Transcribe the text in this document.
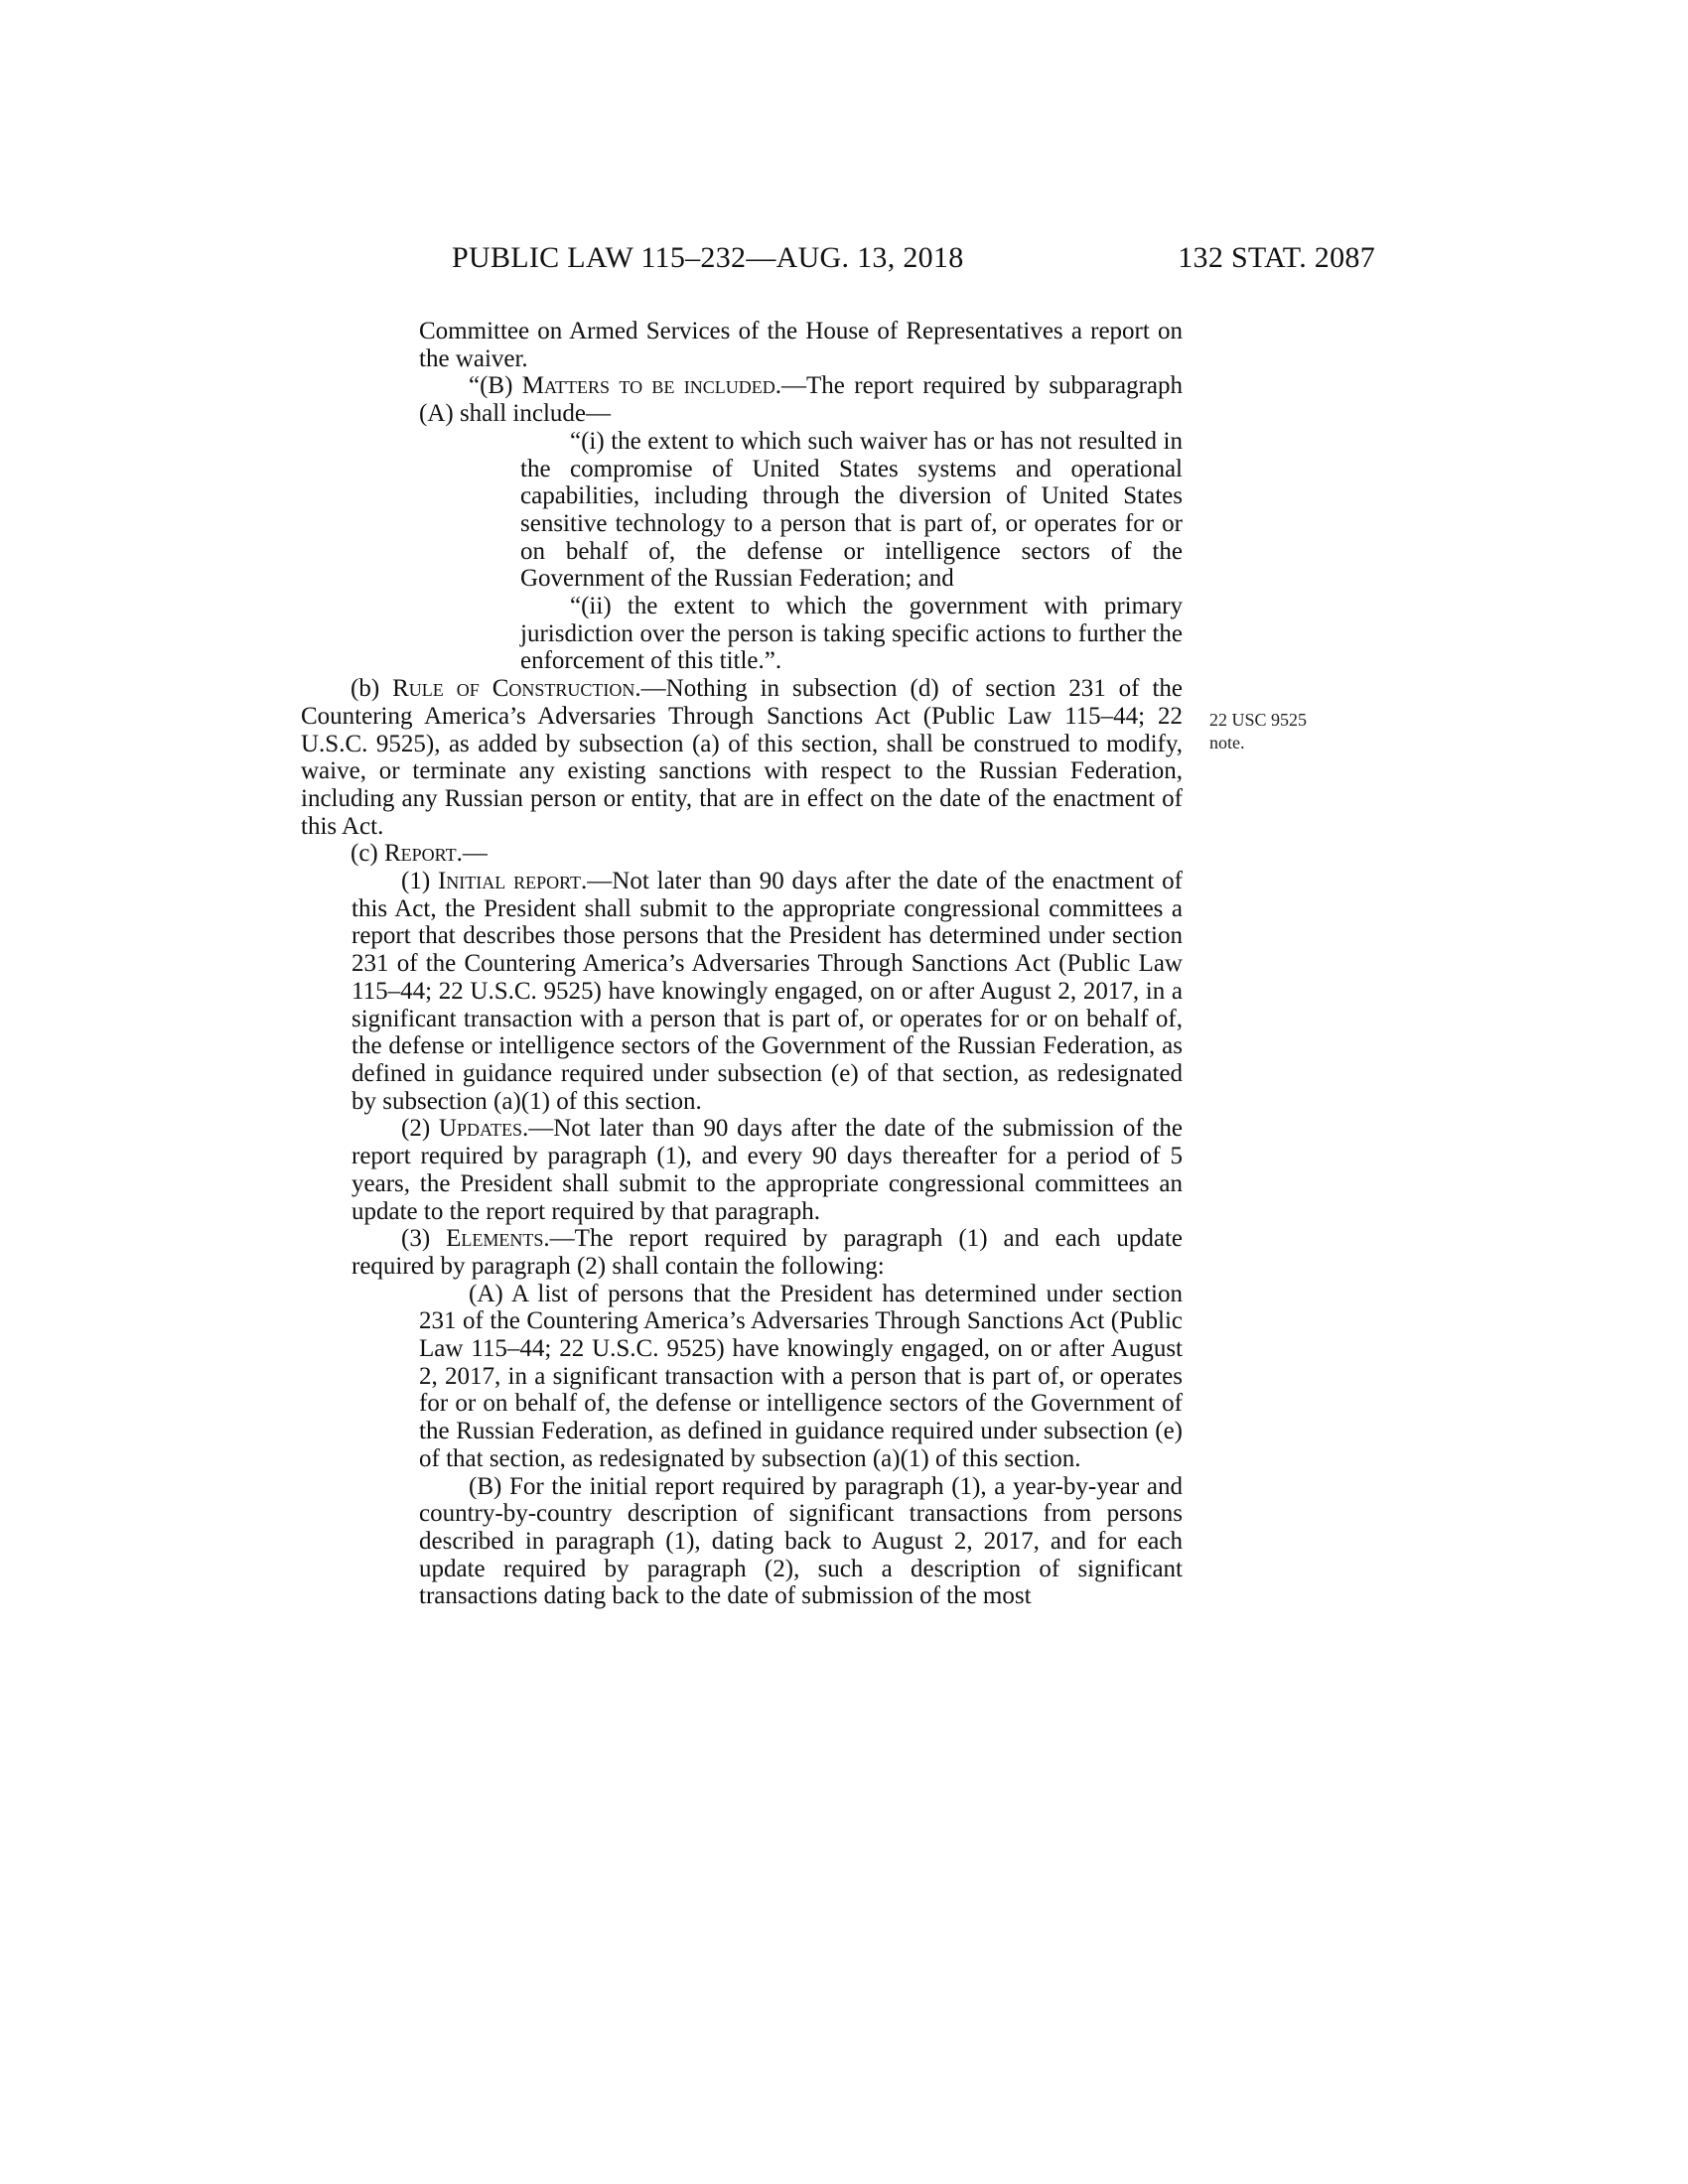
PUBLIC LAW 115–232—AUG. 13, 2018	132 STAT. 2087
22 USC 9525
note.

Committee on Armed Services of the House of Representatives a report on the waiver.

“(B) Matters to be included.—The report required by subparagraph (A) shall include—

“(i) the extent to which such waiver has or has not resulted in the compromise of United States systems and operational capabilities, including through the diversion of United States sensitive technology to a person that is part of, or operates for or on behalf of, the defense or intelligence sectors of the Government of the Russian Federation; and

“(ii) the extent to which the government with primary jurisdiction over the person is taking specific actions to further the enforcement of this title.”.

(b) Rule of Construction.—Nothing in subsection (d) of section 231 of the Countering America’s Adversaries Through Sanctions Act (Public Law 115–44; 22 U.S.C. 9525), as added by subsection (a) of this section, shall be construed to modify, waive, or terminate any existing sanctions with respect to the Russian Federation, including any Russian person or entity, that are in effect on the date of the enactment of this Act.

(c) Report.—

(1) Initial report.—Not later than 90 days after the date of the enactment of this Act, the President shall submit to the appropriate congressional committees a report that describes those persons that the President has determined under section 231 of the Countering America’s Adversaries Through Sanctions Act (Public Law 115–44; 22 U.S.C. 9525) have knowingly engaged, on or after August 2, 2017, in a significant transaction with a person that is part of, or operates for or on behalf of, the defense or intelligence sectors of the Government of the Russian Federation, as defined in guidance required under subsection (e) of that section, as redesignated by subsection (a)(1) of this section.

(2) Updates.—Not later than 90 days after the date of the submission of the report required by paragraph (1), and every 90 days thereafter for a period of 5 years, the President shall submit to the appropriate congressional committees an update to the report required by that paragraph.

(3) Elements.—The report required by paragraph (1) and each update required by paragraph (2) shall contain the following:

(A) A list of persons that the President has determined under section 231 of the Countering America’s Adversaries Through Sanctions Act (Public Law 115–44; 22 U.S.C. 9525) have knowingly engaged, on or after August 2, 2017, in a significant transaction with a person that is part of, or operates for or on behalf of, the defense or intelligence sectors of the Government of the Russian Federation, as defined in guidance required under subsection (e) of that section, as redesignated by subsection (a)(1) of this section.

(B) For the initial report required by paragraph (1), a year-by-year and country-by-country description of significant transactions from persons described in paragraph (1), dating back to August 2, 2017, and for each update required by paragraph (2), such a description of significant transactions dating back to the date of submission of the most
